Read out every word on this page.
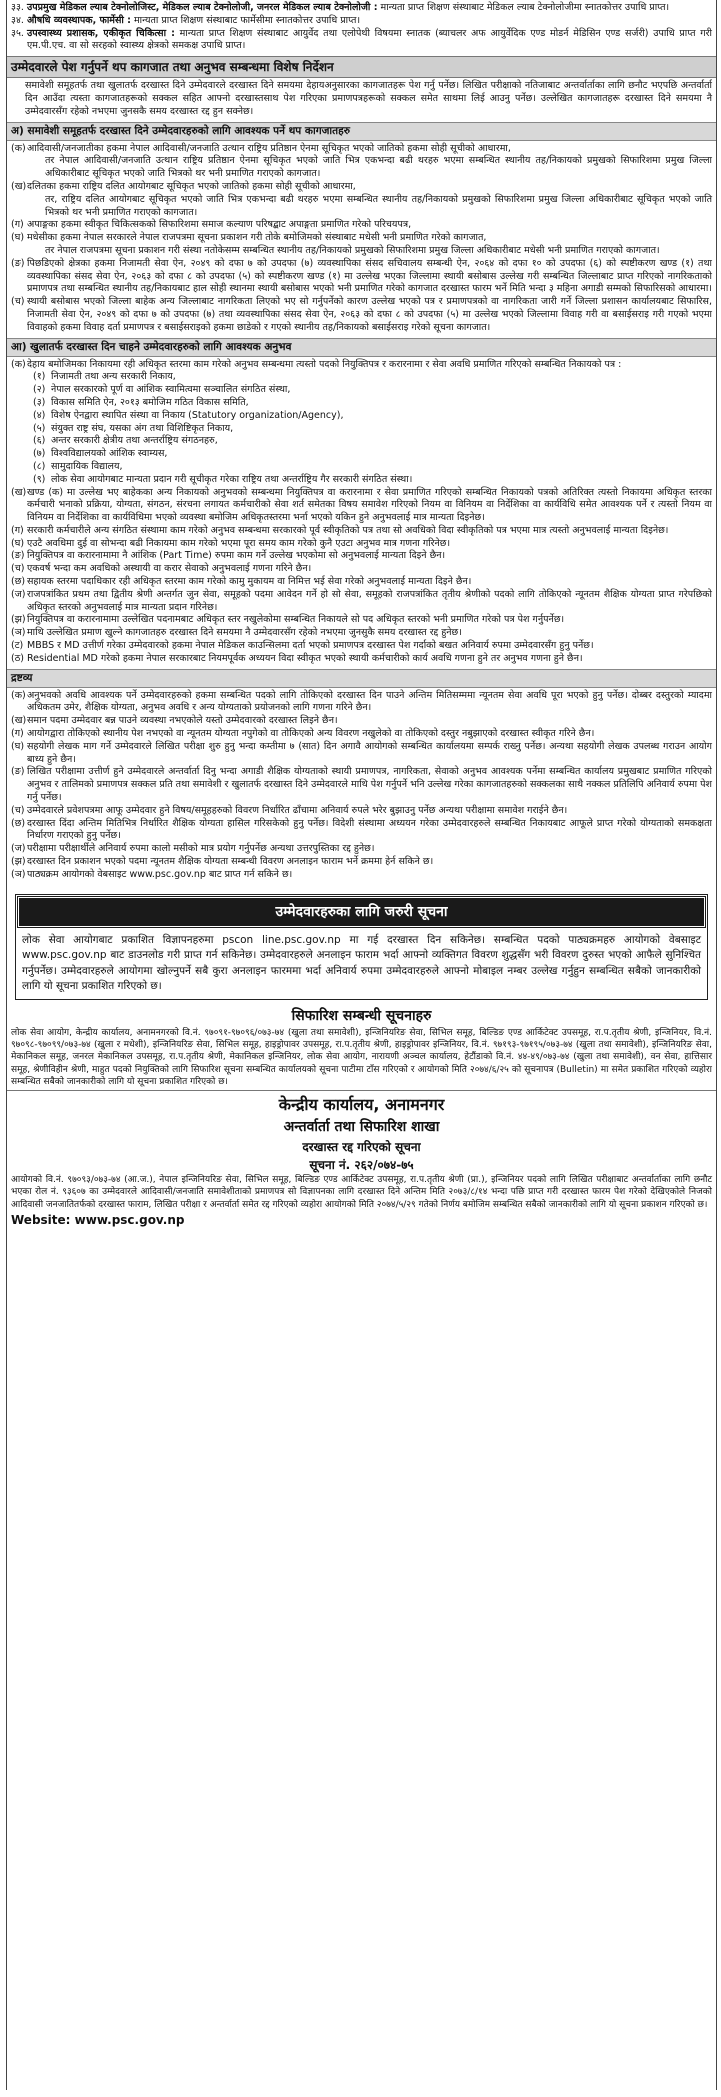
३३. उपप्रमुख मेडिकल ल्याब टेक्नोलोजिस्ट, मेडिकल ल्याब टेक्नोलोजी, जनरल मेडिकल ल्याब टेक्नोलोजी : मान्यता प्राप्त शिक्षण संस्थाबाट मेडिकल ल्याब टेक्नोलोजीमा स्नातकोत्तर उपाधि प्राप्त।
३४. औषधि व्यवस्थापक, फार्मेसी : मान्यता प्राप्त शिक्षण संस्थाबाट फार्मेसीमा स्नातकोत्तर उपाधि प्राप्त।
३५. उपस्वास्थ्य प्रशासक, एकीकृत चिकित्सा : मान्यता प्राप्त शिक्षण संस्थाबाट आयुर्वेद तथा एलोपेथी विषयमा स्नातक (ब्याचलर अफ आयुर्वेदिक एण्ड मोडर्न मेडिसिन एण्ड सर्जरी) उपाधि प्राप्त गरी एम.पी.एच. वा सो सरहको स्वास्थ्य क्षेत्रको समकक्ष उपाधि प्राप्त।
उम्मेदवारले पेश गर्नुपर्ने थप कागजात तथा अनुभव सम्बन्धमा विशेष निर्देशन

समावेशी समूहतर्फ तथा खुलातर्फ दरखास्त दिने उम्मेदवारले दरखास्त दिने समयमा देहायअनुसारका कागजातहरू पेश गर्नु पर्नेछ। लिखित परीक्षाको नतिजाबाट अन्तर्वार्ताका लागि छनौट भएपछि अन्तर्वार्ता दिन आउँदा त्यस्ता कागजातहरूको सक्कल सहित आफ्नो दरखास्तसाथ पेश गरिएका प्रमाणपत्रहरूको सक्कल समेत साथमा लिई आउनु पर्नेछ। उल्लेखित कागजातहरू दरखास्त दिने समयमा नै उम्मेदवारसँग रहेको नभएमा जुनसकै समय दरखास्त रद्द हुन सक्नेछ।

अ) समावेशी समूहतर्फ दरखास्त दिने उम्मेदवारहरुको लागि आवश्यक पर्ने थप कागजातहरु
(क) आदिवासी/जनजातीका हकमा नेपाल आदिवासी/जनजाति उत्थान राष्ट्रिय प्रतिष्ठान ऐनमा सूचिकृत भएको जातिको हकमा सोही सूचीको आधारमा,

तर नेपाल आदिवासी/जनजाति उत्थान राष्ट्रिय प्रतिष्ठान ऐनमा सूचिकृत भएको जाति भित्र एकभन्दा बढी थरहरु भएमा सम्बन्धित स्थानीय तह/निकायको प्रमुखको सिफारिशमा प्रमुख जिल्ला अधिकारीबाट सूचिकृत भएको जाति भित्रको थर भनी प्रमाणित गराएको कागजात।

(ख) दलितका हकमा राष्ट्रिय दलित आयोगबाट सूचिकृत भएको जातिको हकमा सोही सूचीको आधारमा,

तर, राष्ट्रिय दलित आयोगबाट सूचिकृत भएको जाति भित्र एकभन्दा बढी थरहरु भएमा सम्बन्धित स्थानीय तह/निकायको प्रमुखको सिफारिशमा प्रमुख जिल्ला अधिकारीबाट सूचिकृत भएको जाति भित्रको थर भनी प्रमाणित गराएको कागजात।

(ग) अपाङ्गका हकमा स्वीकृत चिकित्सकको सिफारिशमा समाज कल्याण परिषद्बाट अपाङ्गता प्रमाणित गरेको परिचयपत्र,
(घ) मधेसीका हकमा नेपाल सरकारले नेपाल राजपत्रमा सूचना प्रकाशन गरी तोके बमोजिमको संस्थाबाट मधेसी भनी प्रमाणित गरेको कागजात,

तर नेपाल राजपत्रमा सूचना प्रकाशन गरी संस्था नतोकेसम्म सम्बन्धित स्थानीय तह/निकायको प्रमुखको सिफारिशमा प्रमुख जिल्ला अधिकारीबाट मधेसी भनी प्रमाणित गराएको कागजात।

(ङ) पिछडिएको क्षेत्रका हकमा निजामती सेवा ऐन, २०४९ को दफा ७ को उपदफा (७) व्यवस्थापिका संसद सचिवालय सम्बन्धी ऐन, २०६४ को दफा १० को उपदफा (६) को स्पष्टीकरण खण्ड (१) तथा व्यवस्थापिका संसद सेवा ऐन, २०६३ को दफा ८ को उपदफा (५) को स्पष्टीकरण खण्ड (१) मा उल्लेख भएका जिल्लामा स्थायी बसोबास उल्लेख गरी सम्बन्धित जिल्लाबाट प्राप्त गरिएको नागरिकताको प्रमाणपत्र तथा सम्बन्धित स्थानीय तह/निकायबाट हाल सोही स्थानमा स्थायी बसोबास भएको भनी प्रमाणित गरेको कागजात दरखास्त फारम भर्ने मिति भन्दा ३ महिना अगाडी सम्मको सिफारिसको आधारमा।
(च) स्थायी बसोबास भएको जिल्ला बाहेक अन्य जिल्लाबाट नागरिकता लिएको भए सो गर्नुपर्नेको कारण उल्लेख भएको पत्र र प्रमाणपत्रको वा नागरिकता जारी गर्ने जिल्ला प्रशासन कार्यालयबाट सिफारिस, निजामती सेवा ऐन, २०४९ को दफा ७ को उपदफा (७) तथा व्यवस्थापिका संसद सेवा ऐन, २०६३ को दफा ८ को उपदफा (५) मा उल्लेख भएको जिल्लामा विवाह गरी वा बसाईसराइ गरी गएको भएमा विवाहको हकमा विवाह दर्ता प्रमाणपत्र र बसाईसराइको हकमा छाडेको र गएको स्थानीय तह/निकायको बसाईसराइ गरेको सूचना कागजात।
आ) खुलातर्फ दरखास्त दिन चाहने उम्मेदवारहरुको लागि आवश्यक अनुभव
(क) देहाय बमोजिमका निकायमा रही अधिकृत स्तरमा काम गरेको अनुभव सम्बन्धमा त्यस्तो पदको नियुक्तिपत्र र करारनामा र सेवा अवधि प्रमाणित गरिएको सम्बन्धित निकायको पत्र :
(१) निजामती तथा अन्य सरकारी निकाय,
(२) नेपाल सरकारको पूर्ण वा आंशिक स्वामित्वमा सञ्चालित संगठित संस्था,
(३) विकास समिति ऐन, २०१३ बमोजिम गठित विकास समिति,
(४) विशेष ऐनद्वारा स्थापित संस्था वा निकाय (Statutory organization/Agency),
(५) संयुक्त राष्ट्र संघ, यसका अंग तथा विशिष्टिकृत निकाय,
(६) अन्तर सरकारी क्षेत्रीय तथा अन्तर्राष्ट्रिय संगठनहरु,
(७) विश्वविद्यालयको आंशिक स्वाम्यस,
(८) सामुदायिक विद्यालय,
(९) लोक सेवा आयोगबाट मान्यता प्रदान गरी सूचीकृत गरेका राष्ट्रिय तथा अन्तर्राष्ट्रिय गैर सरकारी संगठित संस्था।
(ख) खण्ड (क) मा उल्लेख भए बाहेकका अन्य निकायको अनुभवको सम्बन्धमा नियुक्तिपत्र वा करारनामा र सेवा प्रमाणित गरिएको सम्बन्धित निकायको पत्रको अतिरिक्त त्यस्तो निकायमा अधिकृत स्तरका कर्मचारी भनाको प्रक्रिया, योग्यता, संगठन, संरचना लगायत कर्मचारीको सेवा शर्त समेतका विषय समावेश गरिएको नियम वा विनियम वा निर्देशिका वा कार्यविधि समेत आवश्यक पर्ने र त्यस्तो नियम वा विनियम वा निर्देशिका वा कार्यविधिमा भएको व्यवस्था बमोजिम अधिकृतस्तरमा भर्ना भएको यकिन हुने अनुभवलाई मात्र मान्यता दिइनेछ।
(ग) सरकारी कर्मचारीले अन्य संगठित संस्थामा काम गरेको अनुभव सम्बन्धमा सरकारको पूर्व स्वीकृतिको पत्र तथा सो अवधिको विदा स्वीकृतिको पत्र भएमा मात्र त्यस्तो अनुभवलाई मान्यता दिइनेछ।
(घ) एउटै अवधिमा दुई वा सोभन्दा बढी निकायमा काम गरेको भएमा पूरा समय काम गरेको कुनै एउटा अनुभव मात्र गणना गरिनेछ।
(ङ) नियुक्तिपत्र वा करारनामामा नै आंशिक (Part Time) रुपमा काम गर्ने उल्लेख भएकोमा सो अनुभवलाई मान्यता दिइने छैन।
(च) एकवर्ष भन्दा कम अवधिको अस्थायी वा करार सेवाको अनुभवलाई गणना गरिने छैन।
(छ) सहायक स्तरमा पदाधिकार रही अधिकृत स्तरमा काम गरेको कामु मुकायम वा निमित्त भई सेवा गरेको अनुभवलाई मान्यता दिइने छैन।
(ज) राजपत्रांकित प्रथम तथा द्वितीय श्रेणी अन्तर्गत जुन सेवा, समूहको पदमा आवेदन गर्ने हो सो सेवा, समूहको राजपत्रांकित तृतीय श्रेणीको पदको लागि तोकिएको न्यूनतम शैक्षिक योग्यता प्राप्त गरेपछिको अधिकृत स्तरको अनुभवलाई मात्र मान्यता प्रदान गरिनेछ।
(झ) नियुक्तिपत्र वा करारनामामा उल्लेखित पदनामबाट अधिकृत स्तर नखुलेकोमा सम्बन्धित निकायले सो पद अधिकृत स्तरको भनी प्रमाणित गरेको पत्र पेश गर्नुपर्नेछ।
(ञ) माथि उल्लेखित प्रमाण खुल्ने कागजातहरु दरखास्त दिने समयमा नै उम्मेदवारसँग रहेको नभएमा जुनसुकै समय दरखास्त रद्द हुनेछ।
(ट) MBBS र MD उत्तीर्ण गरेका उम्मेदवारको हकमा नेपाल मेडिकल काउन्सिलमा दर्ता भएको प्रमाणपत्र दरखास्त पेश गर्दाको बखत अनिवार्य रुपमा उम्मेदवारसँग हुनु पर्नेछ।
(ठ) Residential MD गरेको हकमा नेपाल सरकारबाट नियमपूर्वक अध्ययन विदा स्वीकृत भएको स्थायी कर्मचारीको कार्य अवधि गणना हुने तर अनुभव गणना हुने छैन।
द्रष्टव्य
(क) अनुभवको अवधि आवश्यक पर्ने उम्मेदवारहरुको हकमा सम्बन्धित पदको लागि तोकिएको दरखास्त दिन पाउने अन्तिम मितिसम्ममा न्यूनतम सेवा अवधि पूरा भएको हुनु पर्नेछ। दोब्बर दस्तुरको म्यादमा अधिकतम उमेर, शैक्षिक योग्यता, अनुभव अवधि र अन्य योग्यताको प्रयोजनको लागि गणना गरिने छैन।
(ख) समान पदमा उम्मेदवार बन्न पाउने व्यवस्था नभएकोले यस्तो उम्मेदवारको दरखास्त लिइने छैन।
(ग) आयोगद्वारा तोकिएको स्थानीय पेश नभएको वा न्यूनतम योग्यता नपुगेको वा तोकिएको अन्य विवरण नखुलेको वा तोकिएको दस्तुर नबुझाएको दरखास्त स्वीकृत गरिने छैन।
(घ) सहयोगी लेखक माग गर्ने उम्मेदवारले लिखित परीक्षा शुरु हुनु भन्दा कम्तीमा ७ (सात) दिन अगावै आयोगको सम्बन्धित कार्यालयमा सम्पर्क राख्नु पर्नेछ। अन्यथा सहयोगी लेखक उपलब्ध गराउन आयोग बाध्य हुने छैन।
(ङ) लिखित परीक्षामा उत्तीर्ण हुने उम्मेदवारले अन्तर्वार्ता दिनु भन्दा अगाडी शैक्षिक योग्यताको स्थायी प्रमाणपत्र, नागरिकता, सेवाको अनुभव आवश्यक पर्नेमा सम्बन्धित कार्यालय प्रमुखबाट प्रमाणित गरिएको अनुभव र तालिमको प्रमाणपत्र सक्कल प्रति तथा समावेशी र खुलातर्फ दरखास्त दिने उम्मेदवारले माथि पेश गर्नुपर्ने भनि उल्लेख गरेका कागजातहरुको सक्कलका साथै नक्कल प्रतिलिपि अनिवार्य रुपमा पेश गर्नु पर्नेछ।
(च) उम्मेदवारले प्रवेशपत्रमा आफू उम्मेदवार हुने विषय/समूहहरुको विवरण निर्धारित ढाँचामा अनिवार्य रुपले भरेर बुझाउनु पर्नेछ अन्यथा परीक्षामा समावेश गराईने छैन।
(छ) दरखास्त दिंदा अन्तिम मितिभित्र निर्धारित शैक्षिक योग्यता हासिल गरिसकेको हुनु पर्नेछ। विदेशी संस्थामा अध्ययन गरेका उम्मेदवारहरुले सम्बन्धित निकायबाट आफूले प्राप्त गरेको योग्यताको समकक्षता निर्धारण गराएको हुनु पर्नेछ।
(ज) परीक्षामा परीक्षार्थीले अनिवार्य रुपमा कालो मसीको मात्र प्रयोग गर्नुपर्नेछ अन्यथा उत्तरपुस्तिका रद्द हुनेछ।
(झ) दरखास्त दिन प्रकाशन भएको पदमा न्यूनतम शैक्षिक योग्यता सम्बन्धी विवरण अनलाइन फाराम भर्ने क्रममा हेर्न सकिने छ।
(ञ) पाठ्यक्रम आयोगको वेबसाइट www.psc.gov.np बाट प्राप्त गर्न सकिने छ।
उम्मेदवारहरुका लागि जरुरी सूचना
लोक सेवा आयोगबाट प्रकाशित विज्ञापनहरुमा pscon line.psc.gov.np मा गई दरखास्त दिन सकिनेछ। सम्बन्धित पदको पाठ्यक्रमहरु आयोगको वेबसाइट www.psc.gov.np बाट डाउनलोड गरी प्राप्त गर्न सकिनेछ। उम्मेदवारहरुले अनलाइन फाराम भर्दा आफ्नो व्यक्तिगत विवरण शुद्धसँग भरी विवरण दुरुस्त भएको आफैले सुनिश्चित गर्नुपर्नेछ। उम्मेदवारहरुले आयोगमा खोल्नुपर्ने सबै कुरा अनलाइन फारममा भर्दा अनिवार्य रुपमा उम्मेदवारहरुले आफ्नो मोबाइल नम्बर उल्लेख गर्नुहुन सम्बन्धित सबैको जानकारीको लागि यो सूचना प्रकाशित गरिएको छ।
सिफारिश सम्बन्धी सूचनाहरु

लोक सेवा आयोग, केन्द्रीय कार्यालय, अनामनगरको वि.नं. ९७०९१-९७०९६/०७३-७४ (खुला तथा समावेशी), इन्जिनियरिङ सेवा, सिभिल समूह, बिल्डिङ एण्ड आर्किटेक्ट उपसमूह, रा.प.तृतीय श्रेणी, इन्जिनियर, वि.नं. ९७०९८-९७०९९/०७३-७४ (खुला र मधेशी), इन्जिनियरिङ सेवा, सिभिल समूह, हाइड्रोपावर उपसमूह, रा.प.तृतीय श्रेणी, हाइड्रोपावर इन्जिनियर, वि.नं. ९७१९३-९७१९५/०७३-७४ (खुला तथा समावेशी), इन्जिनियरिङ सेवा, मेकानिकल समूह, जनरल मेकानिकल उपसमूह, रा.प.तृतीय श्रेणी, मेकानिकल इन्जिनियर, लोक सेवा आयोग, नारायणी अञ्चल कार्यालय, हेटौंडाको वि.नं. ४४-४९/०७३-७४ (खुला तथा समावेशी), वन सेवा, हात्तिसार समूह, श्रेणीविहीन श्रेणी, माहुत पदको नियुक्तिको लागि सिफारिश सूचना सम्बन्धित कार्यालयको सूचना पाटीमा टाँस गरिएको र आयोगको मिति २०७४/६/२५ को सूचनापत्र (Bulletin) मा समेत प्रकाशित गरिएको व्यहोरा सम्बन्धित सबैको जानकारीको लागि यो सूचना प्रकाशित गरिएको छ।

केन्द्रीय कार्यालय, अनामनगर
अन्तर्वार्ता तथा सिफारिश शाखा
दरखास्त रद्द गरिएको सूचना
सूचना नं. २६२/०७४-७५

आयोगको वि.नं. ९७०९३/०७३-७४ (आ.ज.), नेपाल इन्जिनियरिङ सेवा, सिभिल समूह, बिल्डिङ एण्ड आर्किटेक्ट उपसमूह, रा.प.तृतीय श्रेणी (प्रा.), इन्जिनियर पदको लागि लिखित परीक्षाबाट अन्तर्वार्ताका लागि छनौट भएका रोल नं. ९३६०७ का उम्मेदवारले आदिवासी/जनजाति समावेशीताको प्रमाणपत्र सो विज्ञापनका लागि दरखास्त दिने अन्तिम मिति २०७३/८/१४ भन्दा पछि प्राप्त गरी दरखास्त फारम पेश गरेको देखिएकोले निजको आदिवासी जनजातितर्फको दरखास्त फाराम, लिखित परीक्षा र अन्तर्वार्ता समेत रद्द गरिएको व्यहोरा आयोगको मिति २०७४/५/२९ गतेको निर्णय बमोजिम सम्बन्धित सबैको जानकारीको लागि यो सूचना प्रकाशन गरिएको छ।

Website: www.psc.gov.np
